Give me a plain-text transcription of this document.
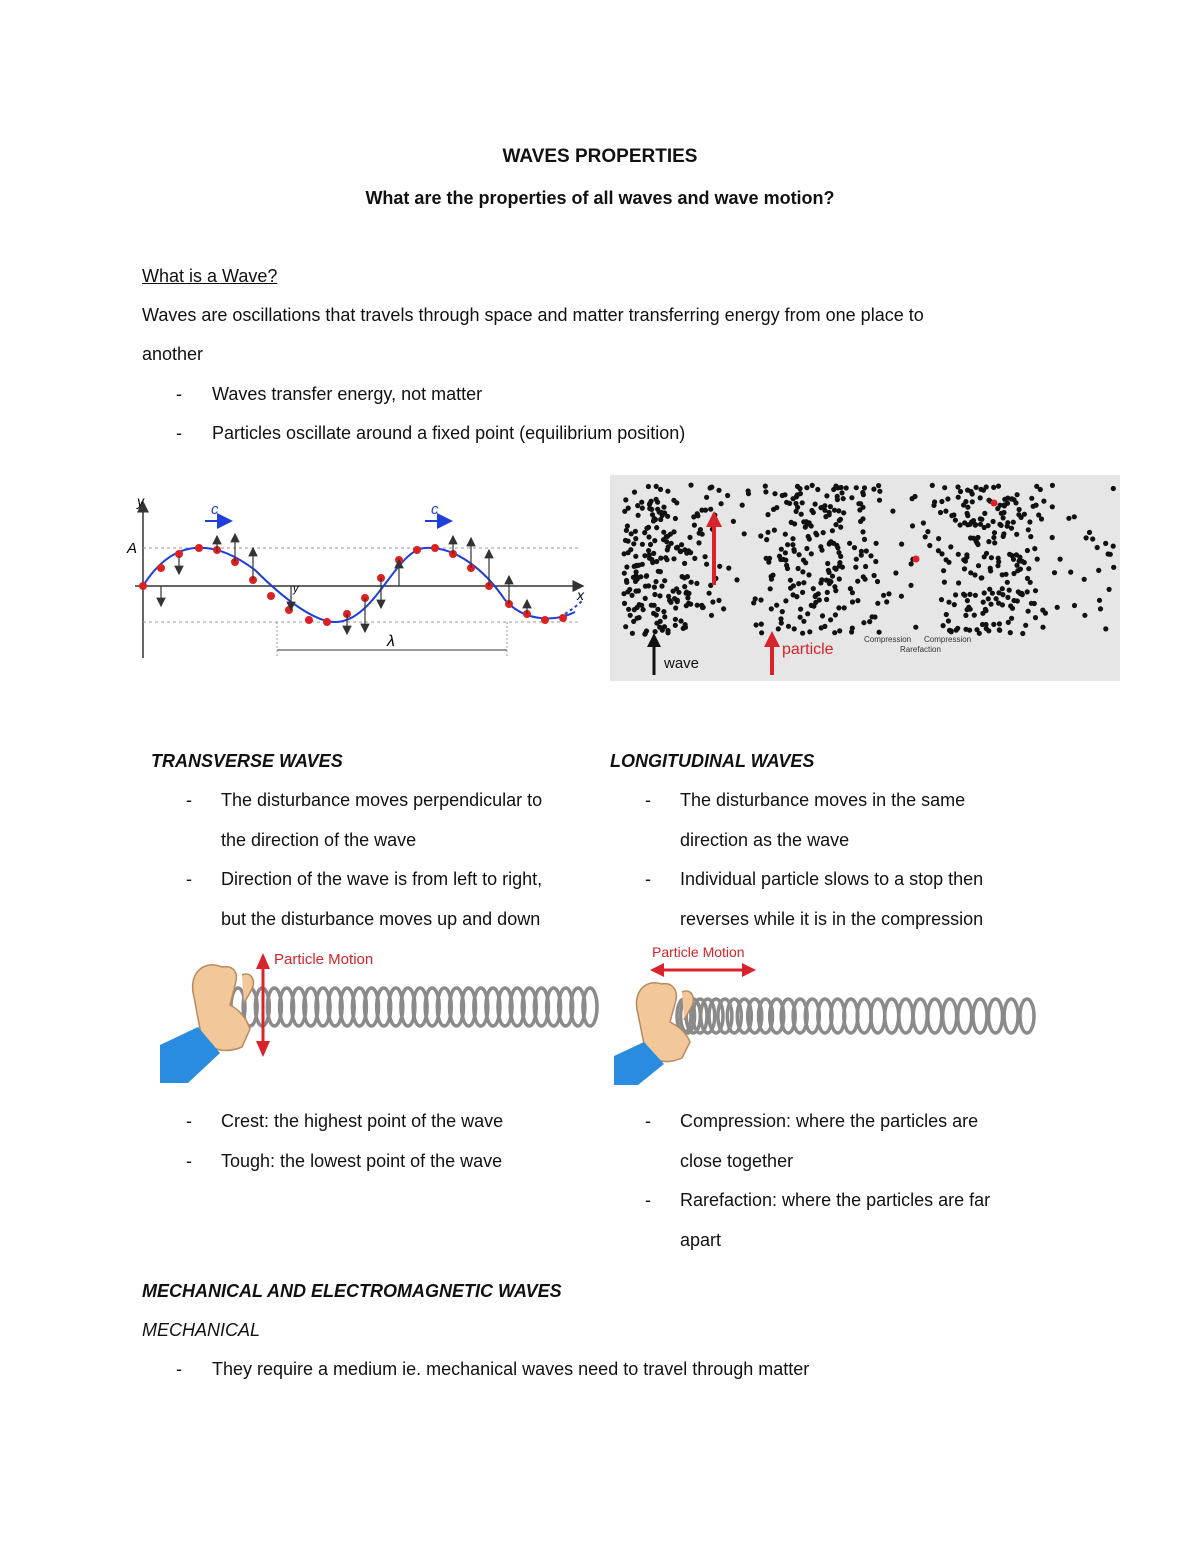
WAVES PROPERTIES
What are the properties of all waves and wave motion?
What is a Wave?
Waves are oscillations that travels through space and matter transferring energy from one place to
another
- Waves transfer energy, not matter
- Particles oscillate around a fixed point (equilibrium position)
y
x
A
c	c
y
λ
wave
particle
Compression Compression
Rarefaction
TRANSVERSE WAVES
- The disturbance moves perpendicular to
the direction of the wave
- Direction of the wave is from left to right,
but the disturbance moves up and down
LONGITUDINAL WAVES
- The disturbance moves in the same
direction as the wave
- Individual particle slows to a stop then
reverses while it is in the compression
Particle Motion	Particle Motion
- Crest: the highest point of the wave
- Tough: the lowest point of the wave
- Compression: where the particles are
close together
- Rarefaction: where the particles are far
apart
MECHANICAL AND ELECTROMAGNETIC WAVES
MECHANICAL
- They require a medium ie. mechanical waves need to travel through matter
